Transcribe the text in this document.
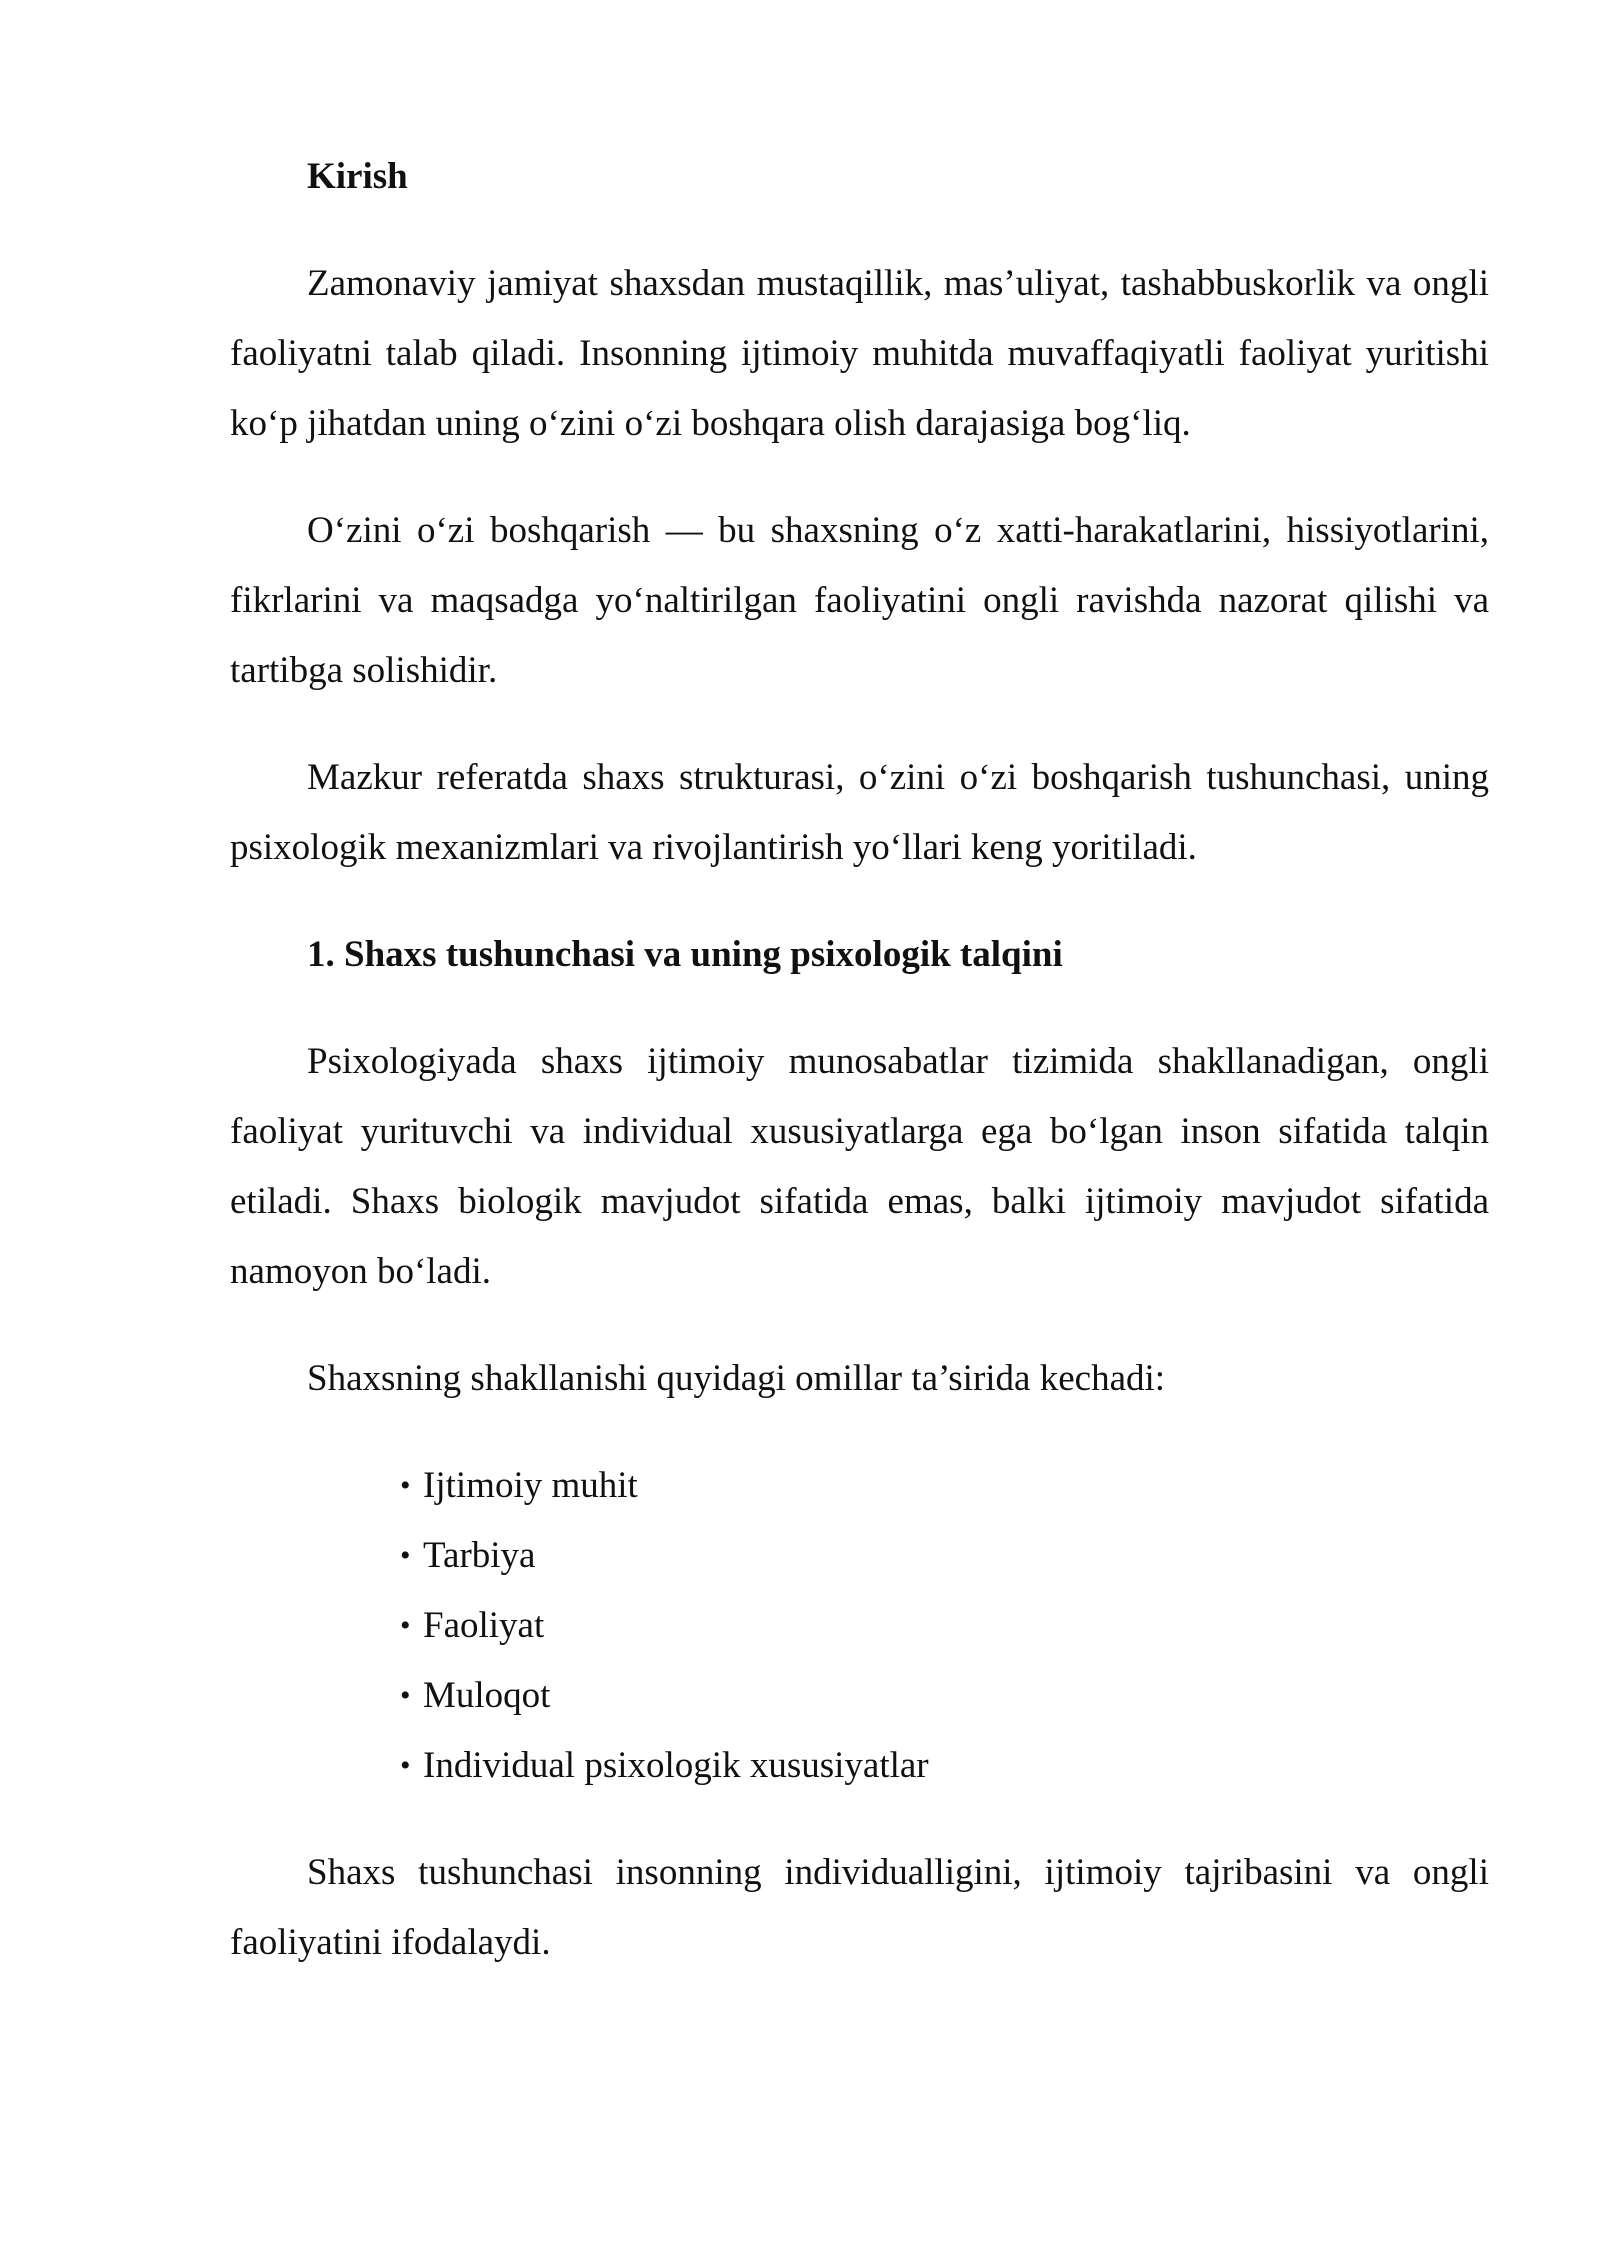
Kirish

Zamonaviy jamiyat shaxsdan mustaqillik, mas’uliyat, tashabbuskorlik va ongli faoliyatni talab qiladi. Insonning ijtimoiy muhitda muvaffaqiyatli faoliyat yuritishi ko‘p jihatdan uning o‘zini o‘zi boshqara olish darajasiga bog‘liq.

O‘zini o‘zi boshqarish — bu shaxsning o‘z xatti-harakatlarini, hissiyotlarini, fikrlarini va maqsadga yo‘naltirilgan faoliyatini ongli ravishda nazorat qilishi va tartibga solishidir.

Mazkur referatda shaxs strukturasi, o‘zini o‘zi boshqarish tushunchasi, uning psixologik mexanizmlari va rivojlantirish yo‘llari keng yoritiladi.

1. Shaxs tushunchasi va uning psixologik talqini

Psixologiyada shaxs ijtimoiy munosabatlar tizimida shakllanadigan, ongli faoliyat yurituvchi va individual xususiyatlarga ega bo‘lgan inson sifatida talqin etiladi. Shaxs biologik mavjudot sifatida emas, balki ijtimoiy mavjudot sifatida namoyon bo‘ladi.

Shaxsning shakllanishi quyidagi omillar ta’sirida kechadi:

• Ijtimoiy muhit
• Tarbiya
• Faoliyat
• Muloqot
• Individual psixologik xususiyatlar

Shaxs tushunchasi insonning individualligini, ijtimoiy tajribasini va ongli faoliyatini ifodalaydi.
